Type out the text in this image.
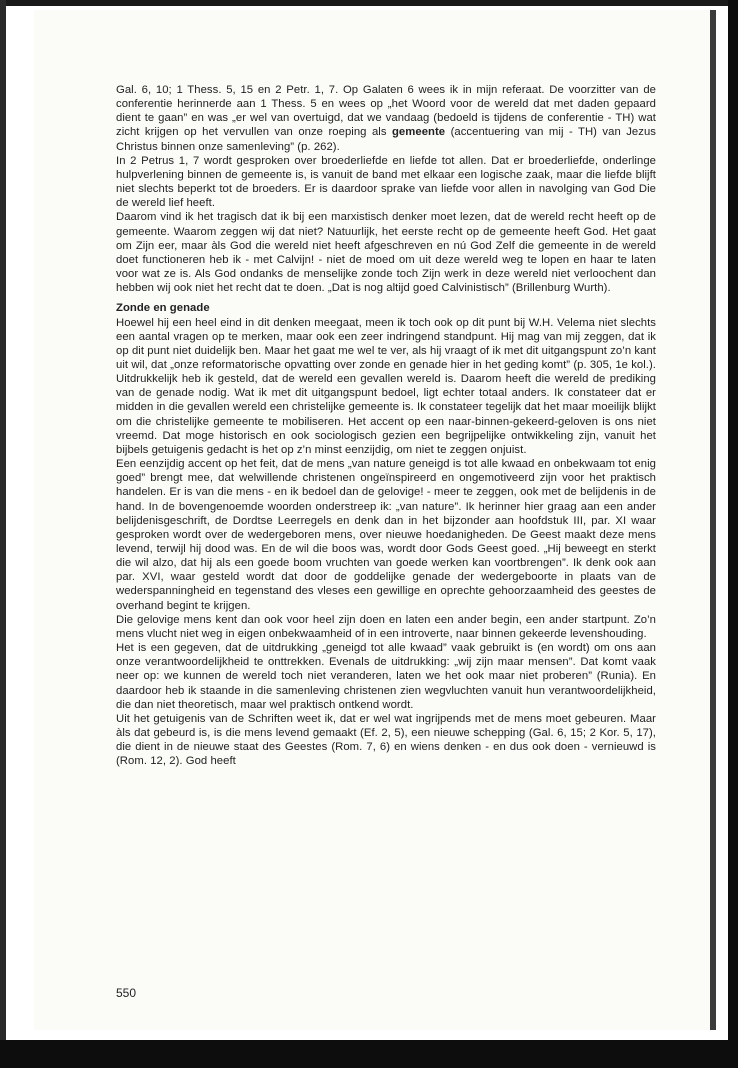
Gal. 6, 10; 1 Thess. 5, 15 en 2 Petr. 1, 7. Op Galaten 6 wees ik in mijn referaat. De voorzitter van de conferentie herinnerde aan 1 Thess. 5 en wees op „het Woord voor de wereld dat met daden gepaard dient te gaan” en was „er wel van overtuigd, dat we vandaag (bedoeld is tijdens de conferentie - TH) wat zicht krijgen op het vervullen van onze roeping als gemeente (accentuering van mij - TH) van Jezus Christus binnen onze samenleving” (p. 262).

In 2 Petrus 1, 7 wordt gesproken over broederliefde en liefde tot allen. Dat er broederliefde, onderlinge hulpverlening binnen de gemeente is, is vanuit de band met elkaar een logische zaak, maar die liefde blijft niet slechts beperkt tot de broeders. Er is daardoor sprake van liefde voor allen in navolging van God Die de wereld lief heeft.

Daarom vind ik het tragisch dat ik bij een marxistisch denker moet lezen, dat de wereld recht heeft op de gemeente. Waarom zeggen wij dat niet? Natuurlijk, het eerste recht op de gemeente heeft God. Het gaat om Zijn eer, maar àls God die wereld niet heeft afgeschreven en nú God Zelf die gemeente in de wereld doet functioneren heb ik - met Calvijn! - niet de moed om uit deze wereld weg te lopen en haar te laten voor wat ze is. Als God ondanks de menselijke zonde toch Zijn werk in deze wereld niet verloochent dan hebben wij ook niet het recht dat te doen. „Dat is nog altijd goed Calvinistisch” (Brillenburg Wurth).

Zonde en genade

Hoewel hij een heel eind in dit denken meegaat, meen ik toch ook op dit punt bij W.H. Velema niet slechts een aantal vragen op te merken, maar ook een zeer indringend standpunt. Hij mag van mij zeggen, dat ik op dit punt niet duidelijk ben. Maar het gaat me wel te ver, als hij vraagt of ik met dit uitgangspunt zo’n kant uit wil, dat „onze reformatorische opvatting over zonde en genade hier in het geding komt” (p. 305, 1e kol.). Uitdrukkelijk heb ik gesteld, dat de wereld een gevallen wereld is. Daarom heeft die wereld de prediking van de genade nodig. Wat ik met dit uitgangspunt bedoel, ligt echter totaal anders. Ik constateer dat er midden in die gevallen wereld een christelijke gemeente is. Ik constateer tegelijk dat het maar moeilijk blijkt om die christelijke gemeente te mobiliseren. Het accent op een naar-binnen-gekeerd-geloven is ons niet vreemd. Dat moge historisch en ook sociologisch gezien een begrijpelijke ontwikkeling zijn, vanuit het bijbels getuigenis gedacht is het op z’n minst eenzijdig, om niet te zeggen onjuist.

Een eenzijdig accent op het feit, dat de mens „van nature geneigd is tot alle kwaad en onbekwaam tot enig goed” brengt mee, dat welwillende christenen ongeïnspireerd en ongemotiveerd zijn voor het praktisch handelen. Er is van die mens - en ik bedoel dan de gelovige! - meer te zeggen, ook met de belijdenis in de hand. In de bovengenoemde woorden onderstreep ik: „van nature”. Ik herinner hier graag aan een ander belijdenisgeschrift, de Dordtse Leerregels en denk dan in het bijzonder aan hoofdstuk III, par. XI waar gesproken wordt over de wedergeboren mens, over nieuwe hoedanigheden. De Geest maakt deze mens levend, terwijl hij dood was. En de wil die boos was, wordt door Gods Geest goed. „Hij beweegt en sterkt die wil alzo, dat hij als een goede boom vruchten van goede werken kan voortbrengen”. Ik denk ook aan par. XVI, waar gesteld wordt dat door de goddelijke genade der wedergeboorte in plaats van de wederspanningheid en tegenstand des vleses een gewillige en oprechte gehoorzaamheid des geestes de overhand begint te krijgen.

Die gelovige mens kent dan ook voor heel zijn doen en laten een ander begin, een ander startpunt. Zo’n mens vlucht niet weg in eigen onbekwaamheid of in een introverte, naar binnen gekeerde levenshouding.

Het is een gegeven, dat de uitdrukking „geneigd tot alle kwaad” vaak gebruikt is (en wordt) om ons aan onze verantwoordelijkheid te onttrekken. Evenals de uitdrukking: „wij zijn maar mensen”. Dat komt vaak neer op: we kunnen de wereld toch niet veranderen, laten we het ook maar niet proberen” (Runia). En daardoor heb ik staande in die samenleving christenen zien wegvluchten vanuit hun verantwoordelijkheid, die dan niet theoretisch, maar wel praktisch ontkend wordt.

Uit het getuigenis van de Schriften weet ik, dat er wel wat ingrijpends met de mens moet gebeuren. Maar àls dat gebeurd is, is die mens levend gemaakt (Ef. 2, 5), een nieuwe schepping (Gal. 6, 15; 2 Kor. 5, 17), die dient in de nieuwe staat des Geestes (Rom. 7, 6) en wiens denken - en dus ook doen - vernieuwd is (Rom. 12, 2). God heeft

550
